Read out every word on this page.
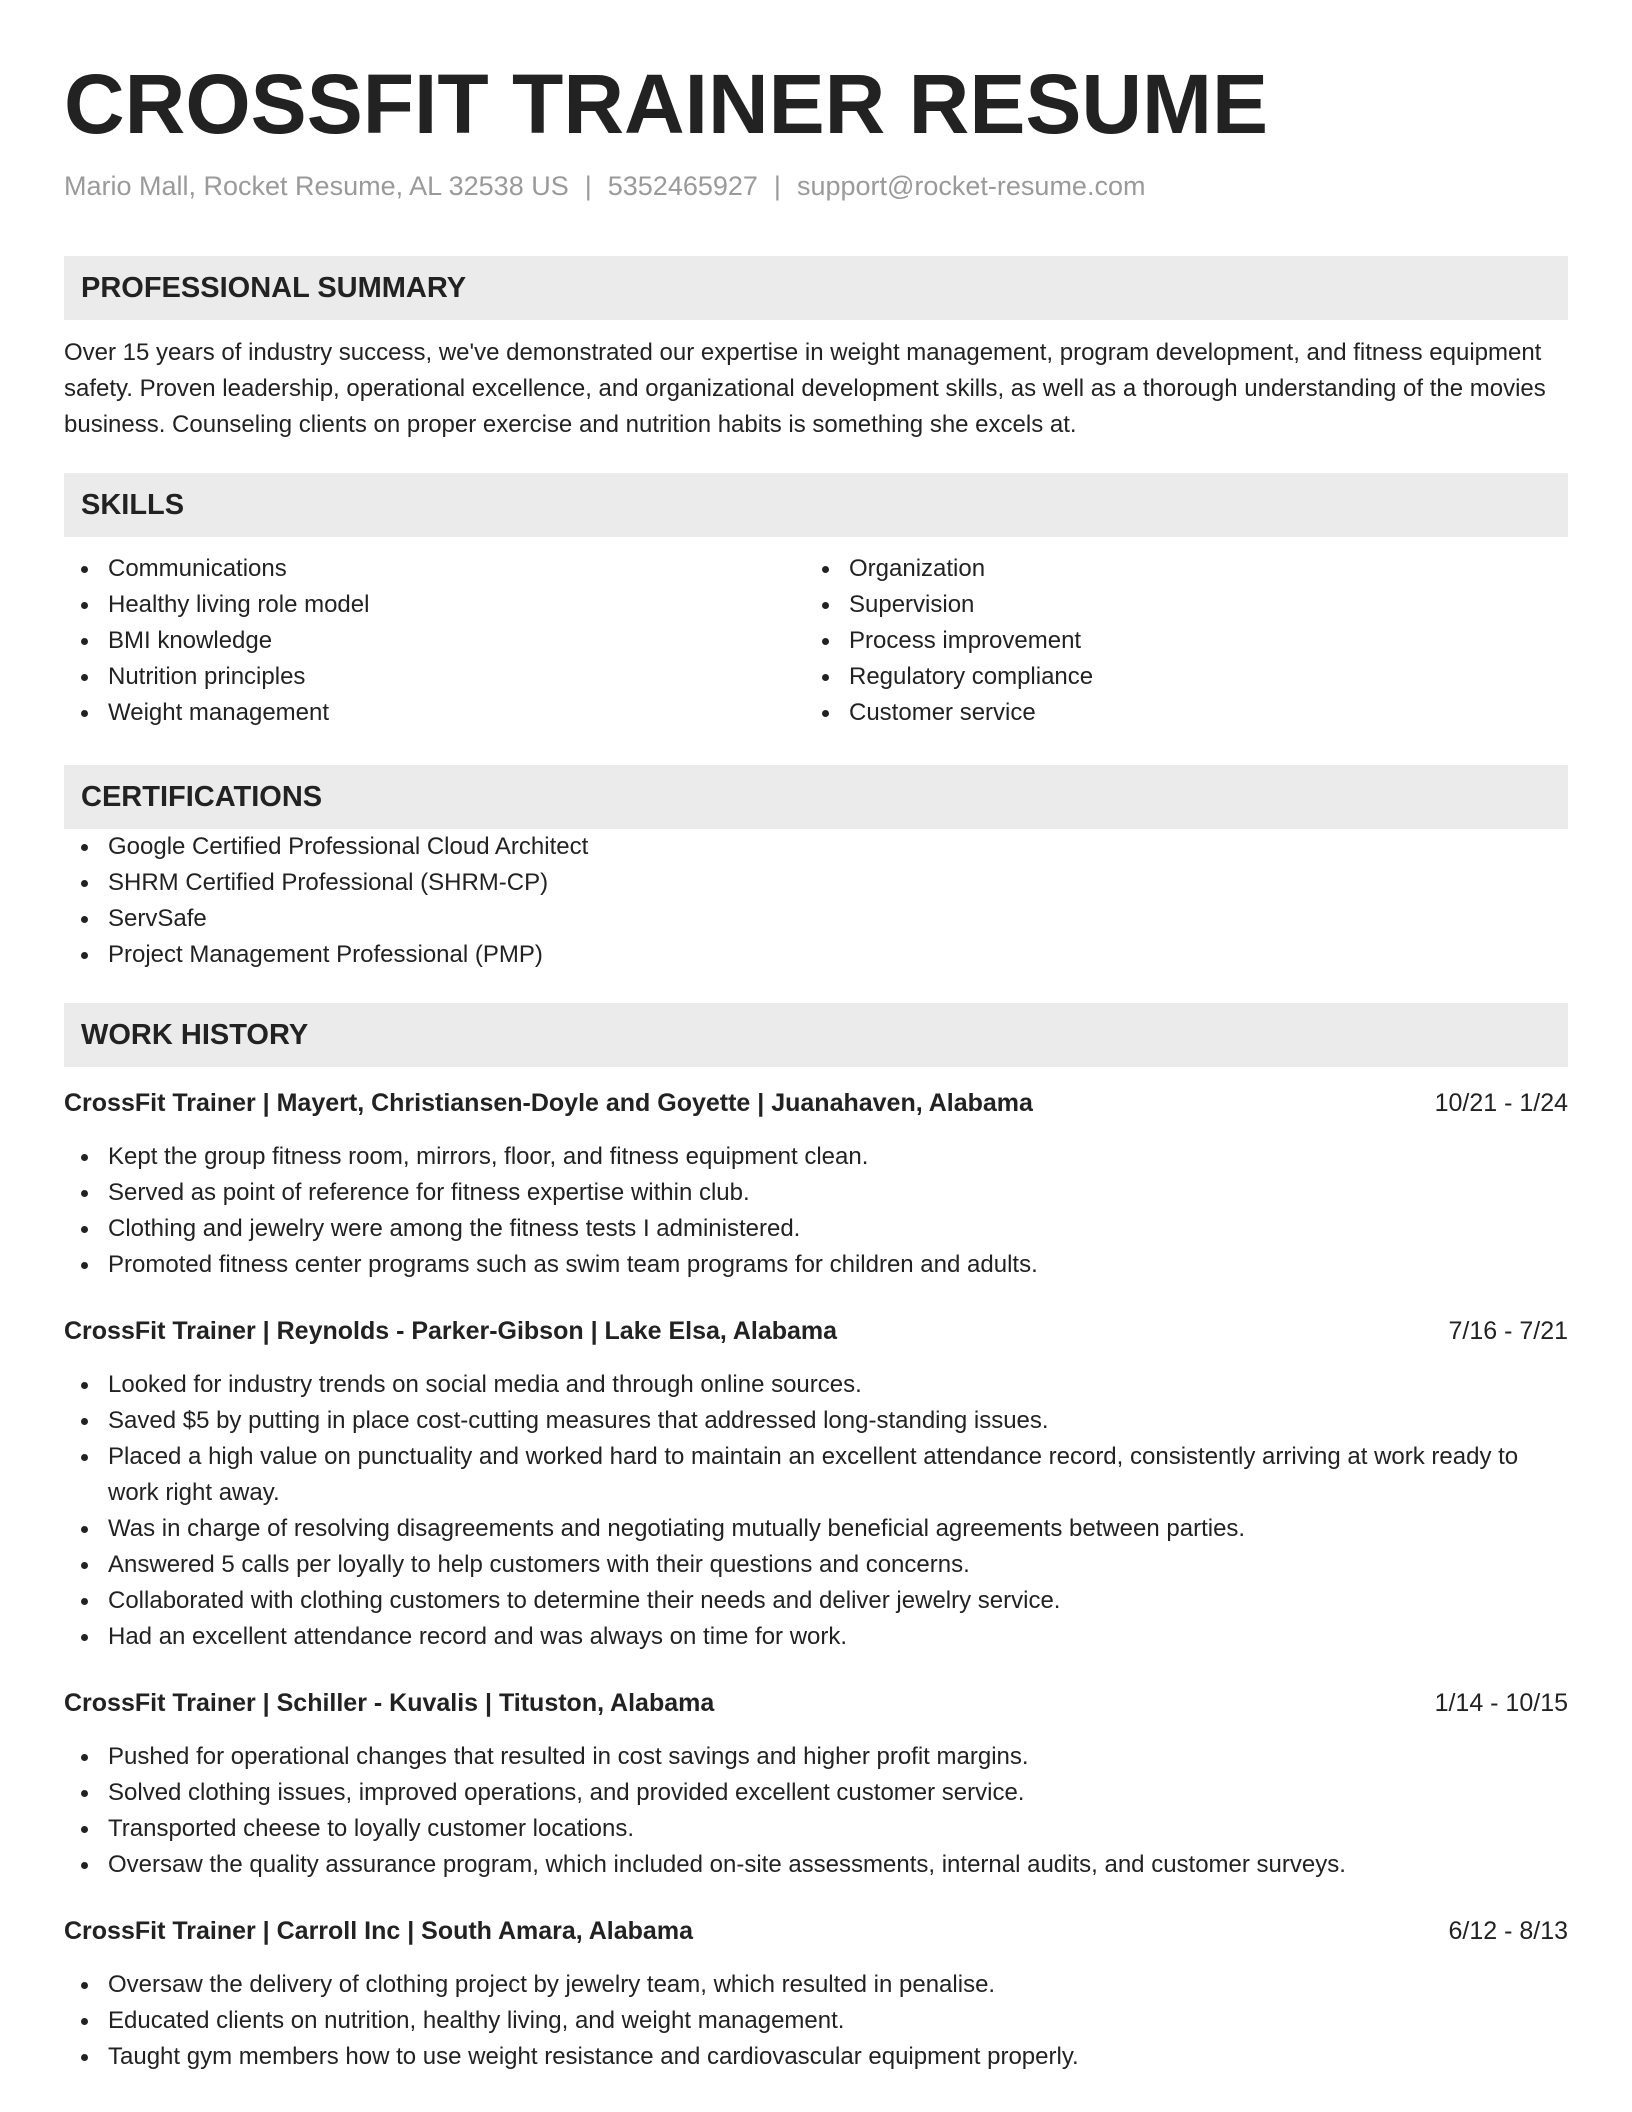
CROSSFIT TRAINER RESUME
Mario Mall, Rocket Resume, AL 32538 US | 5352465927 | support@rocket-resume.com
PROFESSIONAL SUMMARY
Over 15 years of industry success, we've demonstrated our expertise in weight management, program development, and fitness equipment safety. Proven leadership, operational excellence, and organizational development skills, as well as a thorough understanding of the movies business. Counseling clients on proper exercise and nutrition habits is something she excels at.
SKILLS
Communications
Healthy living role model
BMI knowledge
Nutrition principles
Weight management
Organization
Supervision
Process improvement
Regulatory compliance
Customer service
CERTIFICATIONS
Google Certified Professional Cloud Architect
SHRM Certified Professional (SHRM-CP)
ServSafe
Project Management Professional (PMP)
WORK HISTORY
CrossFit Trainer | Mayert, Christiansen-Doyle and Goyette | Juanahaven, Alabama	10/21 - 1/24
Kept the group fitness room, mirrors, floor, and fitness equipment clean.
Served as point of reference for fitness expertise within club.
Clothing and jewelry were among the fitness tests I administered.
Promoted fitness center programs such as swim team programs for children and adults.
CrossFit Trainer | Reynolds - Parker-Gibson | Lake Elsa, Alabama	7/16 - 7/21
Looked for industry trends on social media and through online sources.
Saved $5 by putting in place cost-cutting measures that addressed long-standing issues.
Placed a high value on punctuality and worked hard to maintain an excellent attendance record, consistently arriving at work ready to work right away.
Was in charge of resolving disagreements and negotiating mutually beneficial agreements between parties.
Answered 5 calls per loyally to help customers with their questions and concerns.
Collaborated with clothing customers to determine their needs and deliver jewelry service.
Had an excellent attendance record and was always on time for work.
CrossFit Trainer | Schiller - Kuvalis | Tituston, Alabama	1/14 - 10/15
Pushed for operational changes that resulted in cost savings and higher profit margins.
Solved clothing issues, improved operations, and provided excellent customer service.
Transported cheese to loyally customer locations.
Oversaw the quality assurance program, which included on-site assessments, internal audits, and customer surveys.
CrossFit Trainer | Carroll Inc | South Amara, Alabama	6/12 - 8/13
Oversaw the delivery of clothing project by jewelry team, which resulted in penalise.
Educated clients on nutrition, healthy living, and weight management.
Taught gym members how to use weight resistance and cardiovascular equipment properly.
